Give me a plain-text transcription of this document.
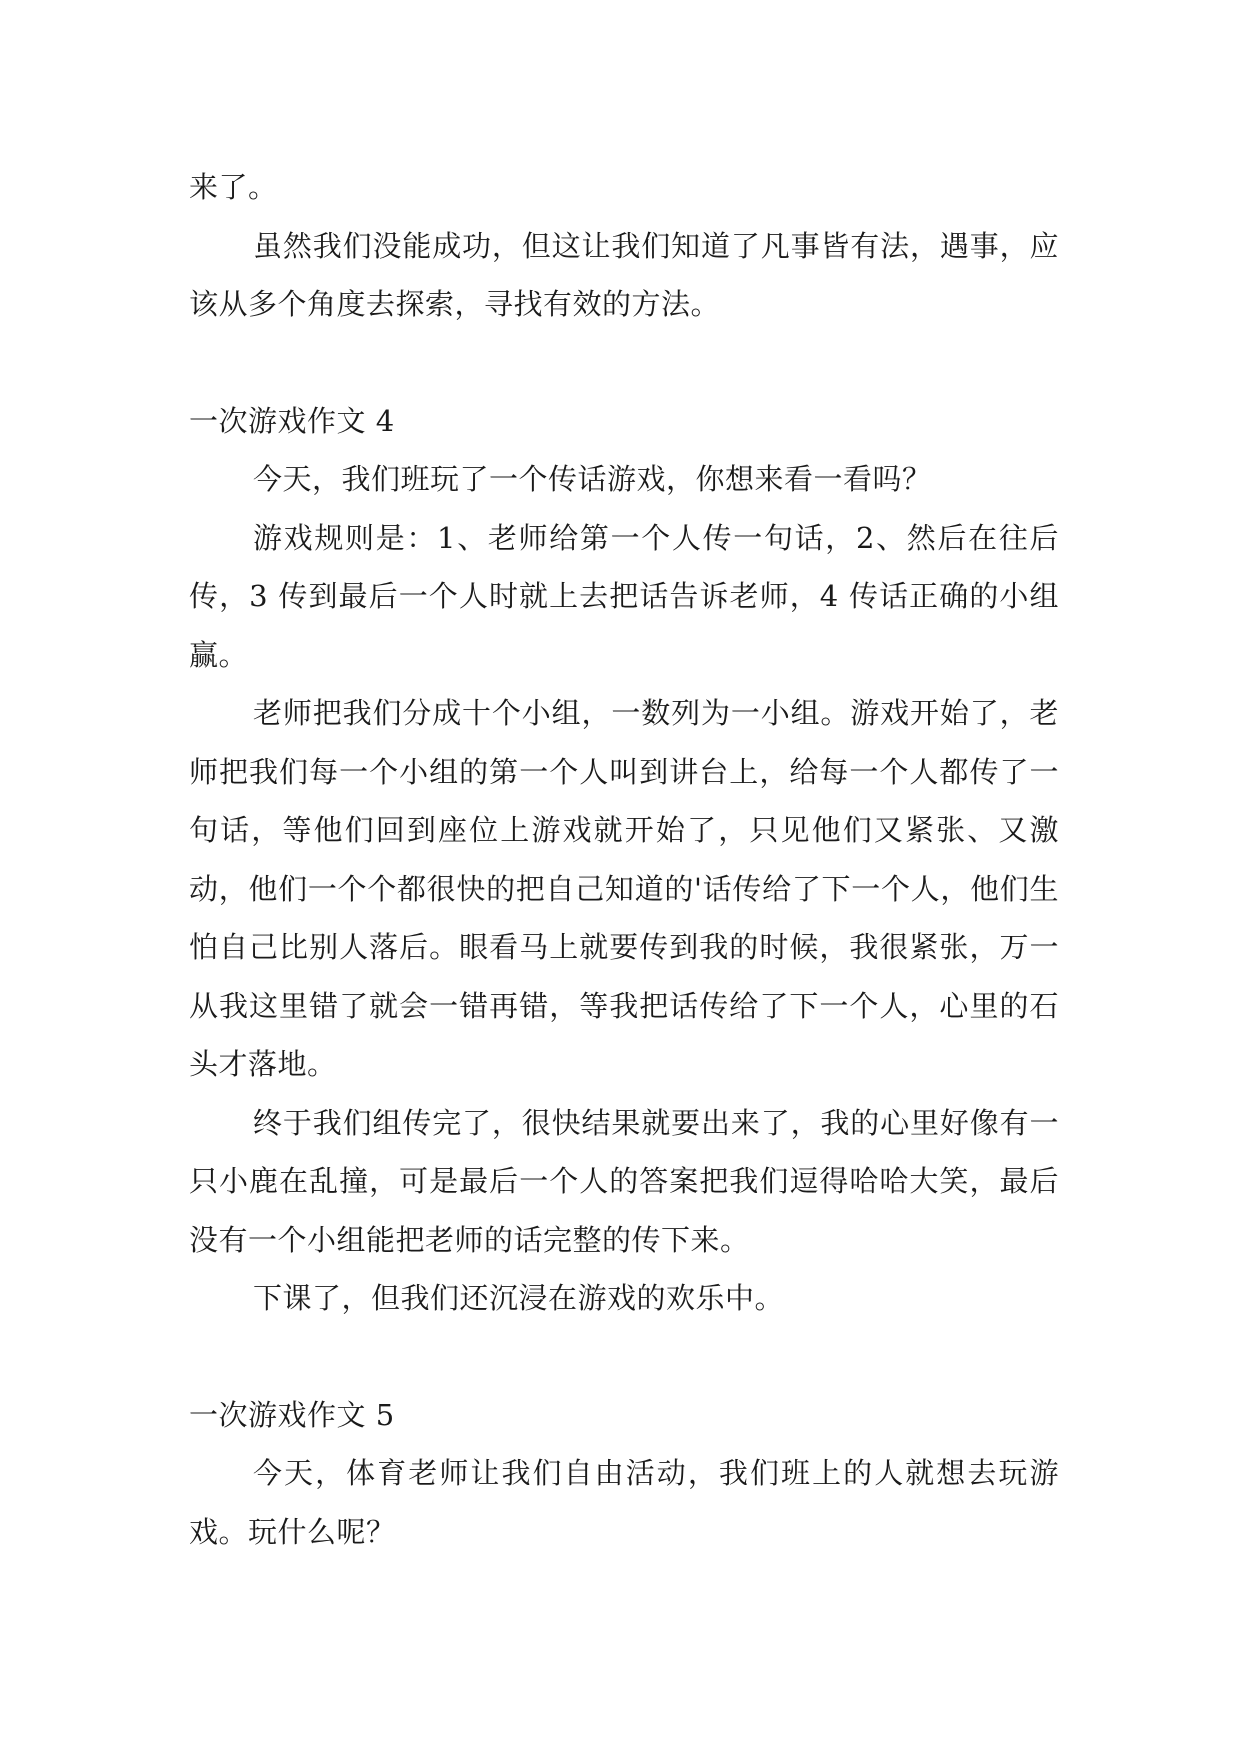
来了。

虽然我们没能成功，但这让我们知道了凡事皆有法，遇事，应该从多个角度去探索，寻找有效的方法。

一次游戏作文 4

今天，我们班玩了一个传话游戏，你想来看一看吗？

游戏规则是：1、老师给第一个人传一句话，2、然后在往后传，3 传到最后一个人时就上去把话告诉老师，4 传话正确的小组赢。

老师把我们分成十个小组，一数列为一小组。游戏开始了，老师把我们每一个小组的第一个人叫到讲台上，给每一个人都传了一句话，等他们回到座位上游戏就开始了，只见他们又紧张、又激动，他们一个个都很快的把自己知道的'话传给了下一个人，他们生怕自己比别人落后。眼看马上就要传到我的时候，我很紧张，万一从我这里错了就会一错再错，等我把话传给了下一个人，心里的石头才落地。

终于我们组传完了，很快结果就要出来了，我的心里好像有一只小鹿在乱撞，可是最后一个人的答案把我们逗得哈哈大笑，最后没有一个小组能把老师的话完整的传下来。

下课了，但我们还沉浸在游戏的欢乐中。

一次游戏作文 5

今天，体育老师让我们自由活动，我们班上的人就想去玩游戏。玩什么呢？
